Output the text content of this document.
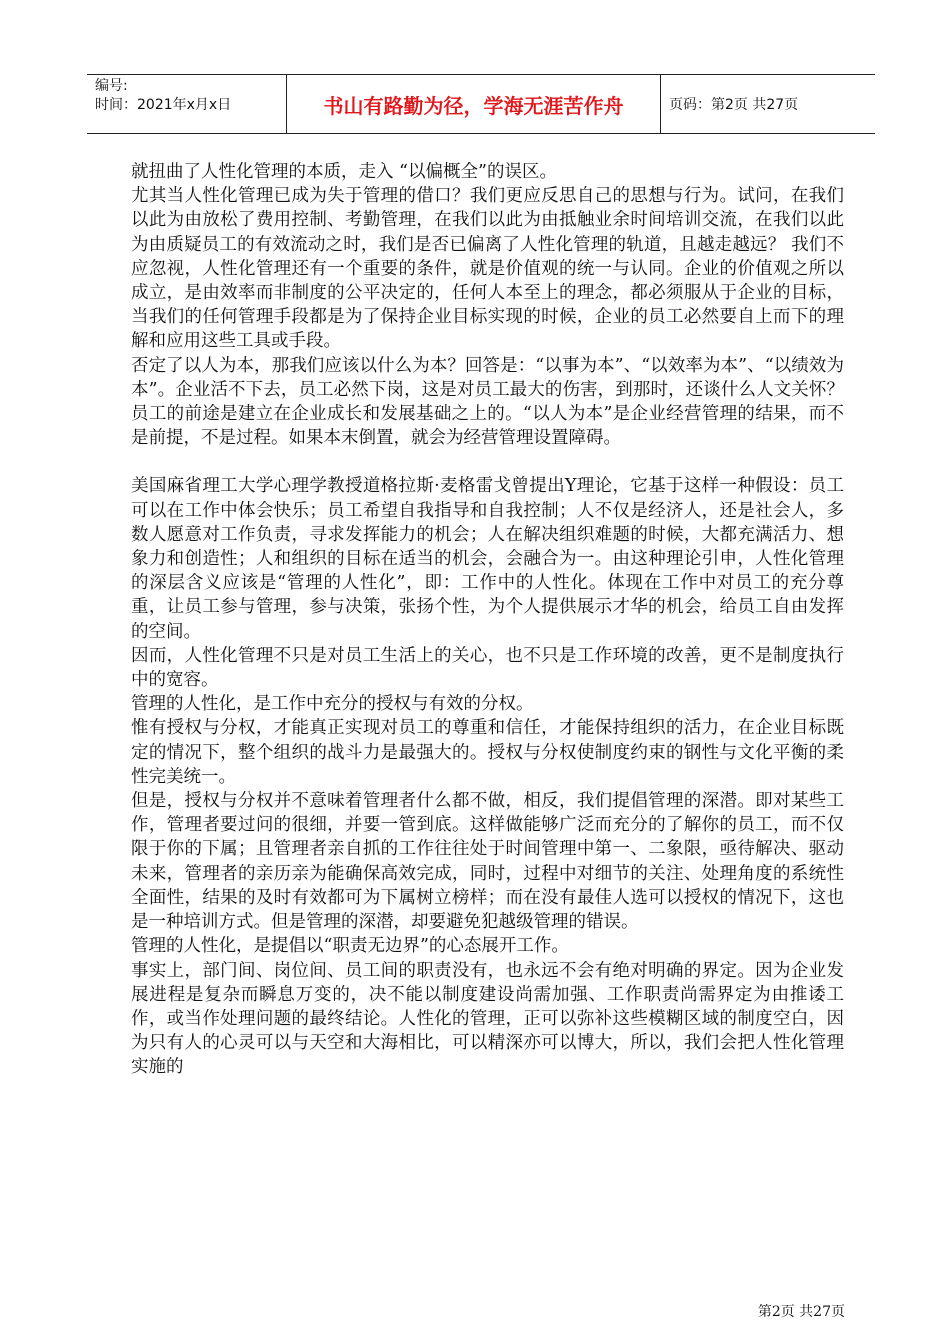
编号:
时间：2021年x月x日	书山有路勤为径，学海无涯苦作舟	页码：第2页 共27页

就扭曲了人性化管理的本质，走入 “以偏概全”的误区。

尤其当人性化管理已成为失于管理的借口？我们更应反思自己的思想与行为。试问，在我们以此为由放松了费用控制、考勤管理，在我们以此为由抵触业余时间培训交流，在我们以此为由质疑员工的有效流动之时，我们是否已偏离了人性化管理的轨道，且越走越远？ 我们不应忽视，人性化管理还有一个重要的条件，就是价值观的统一与认同。企业的价值观之所以成立，是由效率而非制度的公平决定的，任何人本至上的理念，都必须服从于企业的目标，当我们的任何管理手段都是为了保持企业目标实现的时候，企业的员工必然要自上而下的理解和应用这些工具或手段。

否定了以人为本，那我们应该以什么为本？回答是：“以事为本”、“以效率为本”、“以绩效为本”。企业活不下去，员工必然下岗，这是对员工最大的伤害，到那时，还谈什么人文关怀？员工的前途是建立在企业成长和发展基础之上的。“以人为本”是企业经营管理的结果，而不是前提，不是过程。如果本末倒置，就会为经营管理设置障碍。

美国麻省理工大学心理学教授道格拉斯·麦格雷戈曾提出Y理论，它基于这样一种假设：员工可以在工作中体会快乐；员工希望自我指导和自我控制；人不仅是经济人，还是社会人，多数人愿意对工作负责，寻求发挥能力的机会；人在解决组织难题的时候，大都充满活力、想象力和创造性；人和组织的目标在适当的机会，会融合为一。由这种理论引申，人性化管理的深层含义应该是“管理的人性化”，即：工作中的人性化。体现在工作中对员工的充分尊重，让员工参与管理，参与决策，张扬个性，为个人提供展示才华的机会，给员工自由发挥的空间。

因而，人性化管理不只是对员工生活上的关心，也不只是工作环境的改善，更不是制度执行中的宽容。

管理的人性化，是工作中充分的授权与有效的分权。

惟有授权与分权，才能真正实现对员工的尊重和信任，才能保持组织的活力，在企业目标既定的情况下，整个组织的战斗力是最强大的。授权与分权使制度约束的钢性与文化平衡的柔性完美统一。

但是，授权与分权并不意味着管理者什么都不做，相反，我们提倡管理的深潜。即对某些工作，管理者要过问的很细，并要一管到底。这样做能够广泛而充分的了解你的员工，而不仅限于你的下属；且管理者亲自抓的工作往往处于时间管理中第一、二象限，亟待解决、驱动未来，管理者的亲历亲为能确保高效完成，同时，过程中对细节的关注、处理角度的系统性全面性，结果的及时有效都可为下属树立榜样；而在没有最佳人选可以授权的情况下，这也是一种培训方式。但是管理的深潜，却要避免犯越级管理的错误。

管理的人性化，是提倡以“职责无边界”的心态展开工作。

事实上，部门间、岗位间、员工间的职责没有，也永远不会有绝对明确的界定。因为企业发展进程是复杂而瞬息万变的，决不能以制度建设尚需加强、工作职责尚需界定为由推诿工作，或当作处理问题的最终结论。人性化的管理，正可以弥补这些模糊区域的制度空白，因为只有人的心灵可以与天空和大海相比，可以精深亦可以博大，所以，我们会把人性化管理实施的

第2页 共27页
